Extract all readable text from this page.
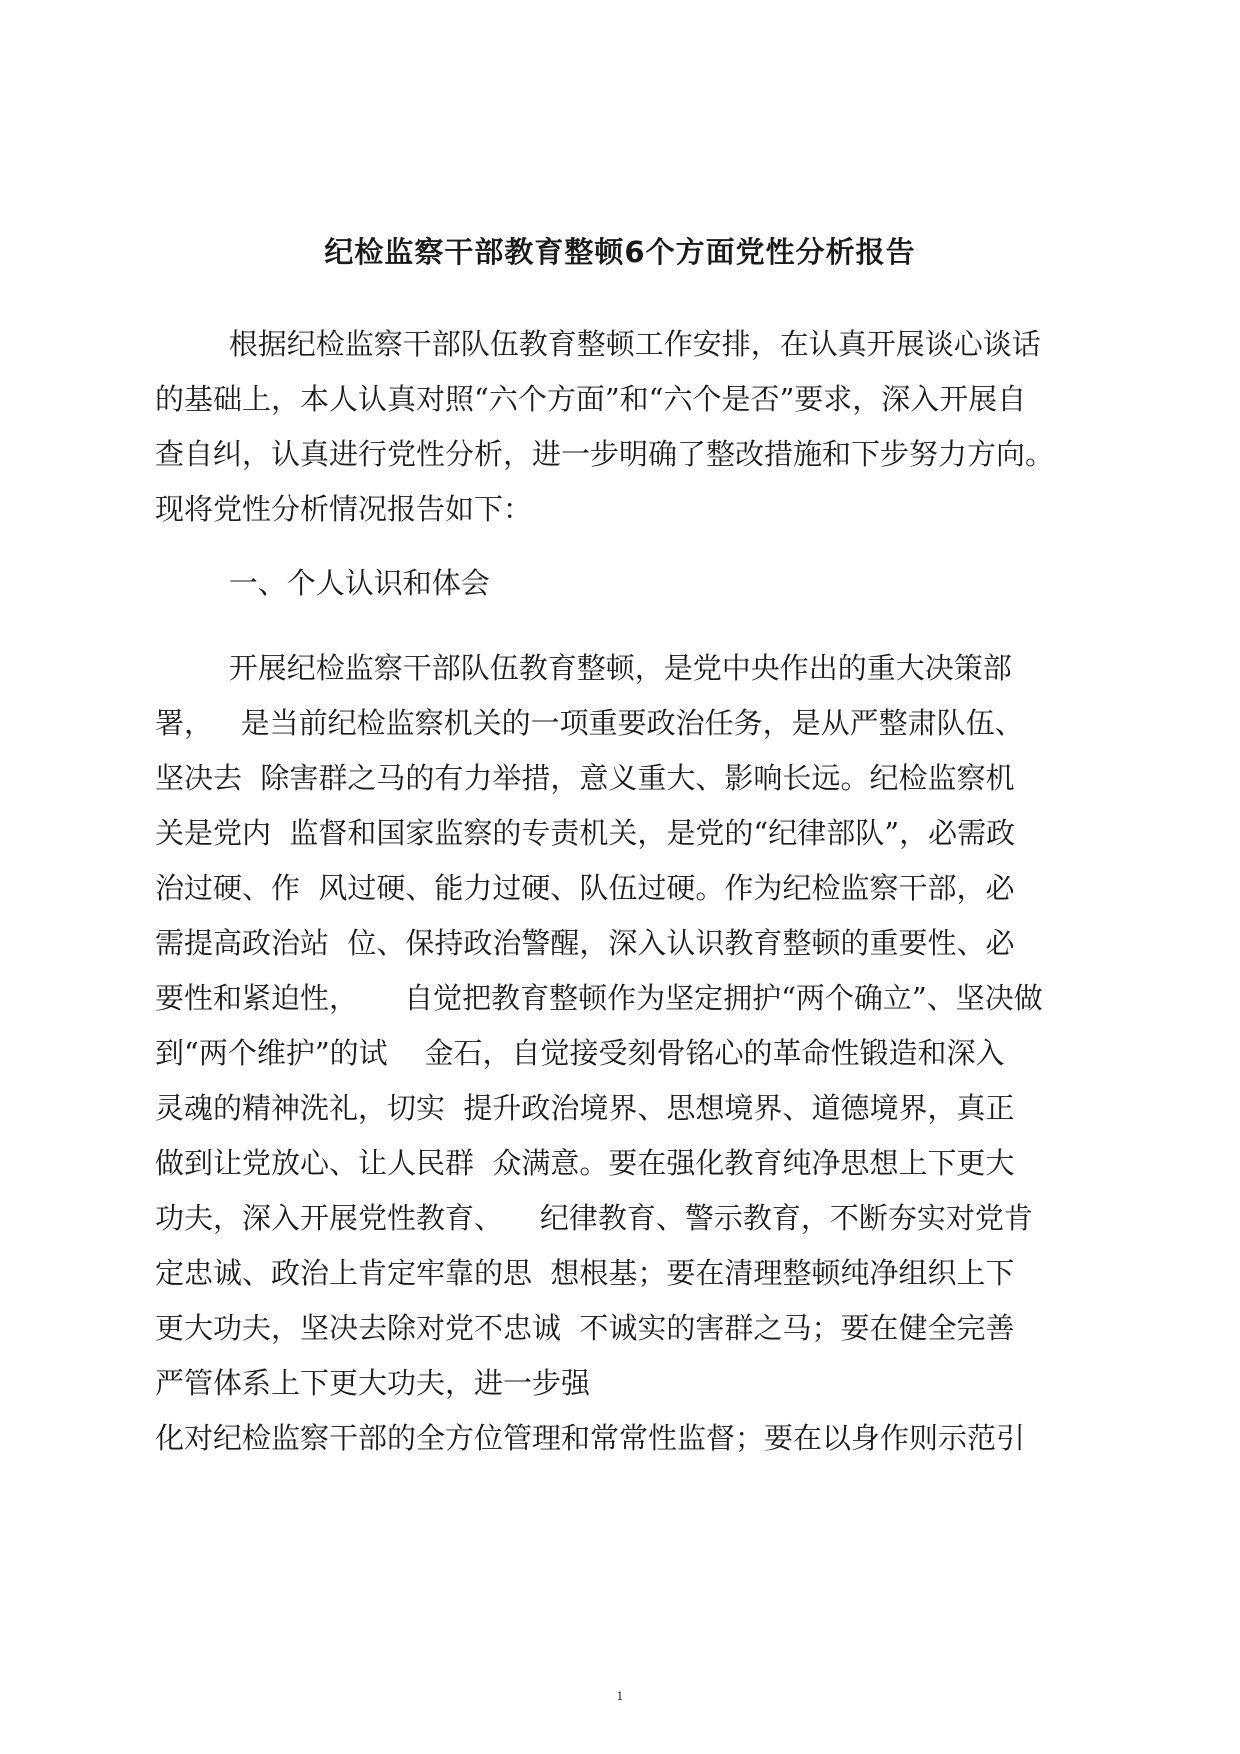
纪检监察干部教育整顿6个方面党性分析报告

根据纪检监察干部队伍教育整顿工作安排，在认真开展谈心谈话
的基础上，本人认真对照“六个方面”和“六个是否”要求，深入开展自
查自纠，认真进行党性分析，进一步明确了整改措施和下步努力方向。
现将党性分析情况报告如下：

一、个人认识和体会

开展纪检监察干部队伍教育整顿，是党中央作出的重大决策部
署，   是当前纪检监察机关的一项重要政治任务，是从严整肃队伍、
坚决去  除害群之马的有力举措，意义重大、影响长远。纪检监察机
关是党内  监督和国家监察的专责机关，是党的“纪律部队”，必需政
治过硬、作  风过硬、能力过硬、队伍过硬。作为纪检监察干部，必
需提高政治站  位、保持政治警醒，深入认识教育整顿的重要性、必
要性和紧迫性，     自觉把教育整顿作为坚定拥护“两个确立”、坚决做
到“两个维护”的试    金石，自觉接受刻骨铭心的革命性锻造和深入
灵魂的精神洗礼，切实  提升政治境界、思想境界、道德境界，真正
做到让党放心、让人民群  众满意。要在强化教育纯净思想上下更大
功夫，深入开展党性教育、    纪律教育、警示教育，不断夯实对党肯
定忠诚、政治上肯定牢靠的思  想根基；要在清理整顿纯净组织上下
更大功夫，坚决去除对党不忠诚  不诚实的害群之马；要在健全完善
严管体系上下更大功夫，进一步强
化对纪检监察干部的全方位管理和常常性监督；要在以身作则示范引

1
